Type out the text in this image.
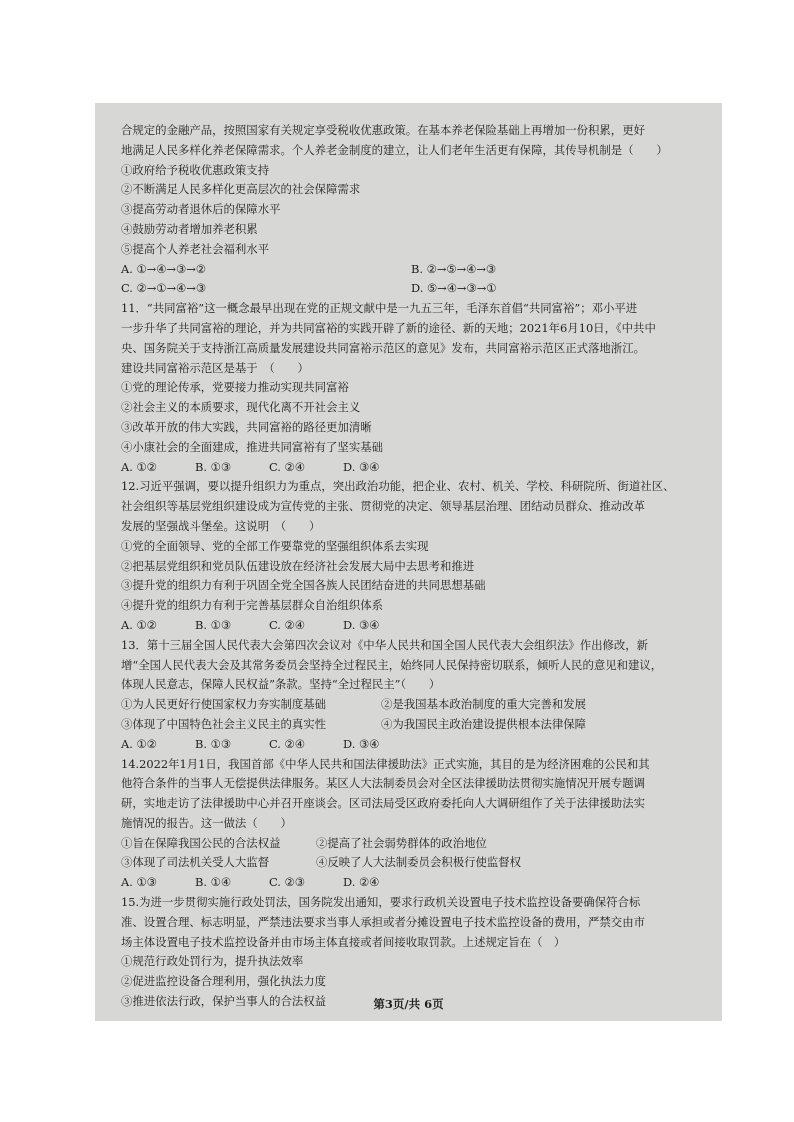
合规定的金融产品，按照国家有关规定享受税收优惠政策。在基本养老保险基础上再增加一份积累，更好

地满足人民多样化养老保障需求。个人养老金制度的建立，让人们老年生活更有保障，其传导机制是（　　）

①政府给予税收优惠政策支持

②不断满足人民多样化更高层次的社会保障需求

③提高劳动者退休后的保障水平

④鼓励劳动者增加养老积累

⑤提高个人养老社会福利水平

A. ①→④→③→②	B. ②→⑤→④→③
C. ②→①→④→③	D. ⑤→④→③→①

11．“共同富裕”这一概念最早出现在党的正规文献中是一九五三年，毛泽东首倡“共同富裕”；邓小平进

一步升华了共同富裕的理论，并为共同富裕的实践开辟了新的途径、新的天地；2021年6月10日，《中共中

央、国务院关于支持浙江高质量发展建设共同富裕示范区的意见》发布，共同富裕示范区正式落地浙江。

建设共同富裕示范区是基于　（　　）

①党的理论传承，党要接力推动实现共同富裕

②社会主义的本质要求，现代化离不开社会主义

③改革开放的伟大实践，共同富裕的路径更加清晰

④小康社会的全面建成，推进共同富裕有了坚实基础

A. ①②	B. ①③	C. ②④	D. ③④

12.习近平强调，要以提升组织力为重点，突出政治功能，把企业、农村、机关、学校、科研院所、街道社区、

社会组织等基层党组织建设成为宣传党的主张、贯彻党的决定、领导基层治理、团结动员群众、推动改革

发展的坚强战斗堡垒。这说明　（　　）

①党的全面领导、党的全部工作要靠党的坚强组织体系去实现

②把基层党组织和党员队伍建设放在经济社会发展大局中去思考和推进

③提升党的组织力有利于巩固全党全国各族人民团结奋进的共同思想基础

④提升党的组织力有利于完善基层群众自治组织体系

A. ①②	B. ①③	C. ②④	D. ③④

13．第十三届全国人民代表大会第四次会议对《中华人民共和国全国人民代表大会组织法》作出修改，新

增“全国人民代表大会及其常务委员会坚持全过程民主，始终同人民保持密切联系，倾听人民的意见和建议，

体现人民意志，保障人民权益”条款。坚持“全过程民主”（　　）

①为人民更好行使国家权力夯实制度基础	②是我国基本政治制度的重大完善和发展
③体现了中国特色社会主义民主的真实性	④为我国民主政治建设提供根本法律保障
A. ①②	B. ①③	C. ②④	D. ③④

14.2022年1月1日，我国首部《中华人民共和国法律援助法》正式实施，其目的是为经济困难的公民和其

他符合条件的当事人无偿提供法律服务。某区人大法制委员会对全区法律援助法贯彻实施情况开展专题调

研，实地走访了法律援助中心并召开座谈会。区司法局受区政府委托向人大调研组作了关于法律援助法实

施情况的报告。这一做法（　　）

①旨在保障我国公民的合法权益	②提高了社会弱势群体的政治地位
③体现了司法机关受人大监督	④反映了人大法制委员会积极行使监督权
A. ①③	B. ①④	C. ②③	D. ②④

15.为进一步贯彻实施行政处罚法，国务院发出通知，要求行政机关设置电子技术监控设备要确保符合标

准、设置合理、标志明显，严禁违法要求当事人承担或者分摊设置电子技术监控设备的费用，严禁交由市

场主体设置电子技术监控设备并由市场主体直接或者间接收取罚款。上述规定旨在（　）

①规范行政处罚行为，提升执法效率

②促进监控设备合理利用，强化执法力度

③推进依法行政，保护当事人的合法权益	第3页/共 6页
